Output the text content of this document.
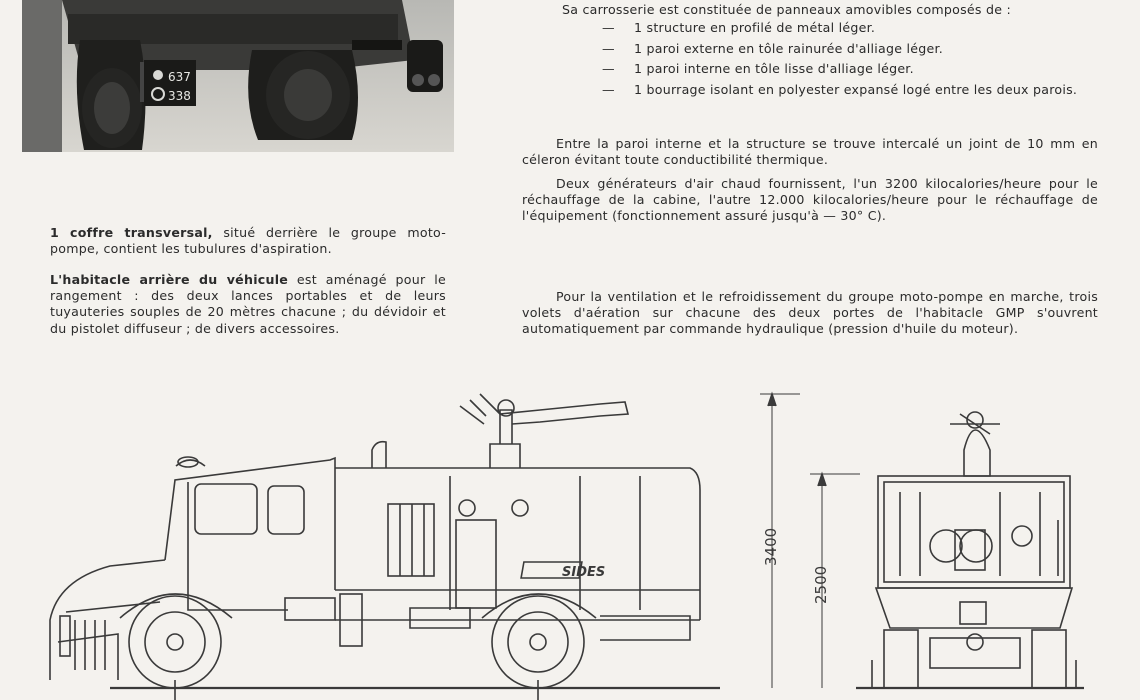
637
338
Sa carrosserie est constituée de panneaux amovibles composés de :
— 1 structure en profilé de métal léger.
— 1 paroi externe en tôle rainurée d'alliage léger.
— 1 paroi interne en tôle lisse d'alliage léger.
— 1 bourrage isolant en polyester expansé logé entre les deux parois.
Entre la paroi interne et la structure se trouve intercalé un joint de 10 mm en céleron évitant toute conductibilité thermique.
Deux générateurs d'air chaud fournissent, l'un 3200 kilocalories/heure pour le réchauffage de la cabine, l'autre 12.000 kilocalories/heure pour le réchauffage de l'équipement (fonctionnement assuré jusqu'à — 30° C).
Pour la ventilation et le refroidissement du groupe moto-pompe en marche, trois volets d'aération sur chacune des deux portes de l'habitacle GMP s'ouvrent automatiquement par commande hydraulique (pression d'huile du moteur).
1 coffre transversal, situé derrière le groupe moto-pompe, contient les tubulures d'aspiration.
L'habitacle arrière du véhicule est aménagé pour le rangement : des deux lances portables et de leurs tuyauteries souples de 20 mètres chacune ; du dévidoir et du pistolet diffuseur ; de divers accessoires.
SIDES
3400
2500
